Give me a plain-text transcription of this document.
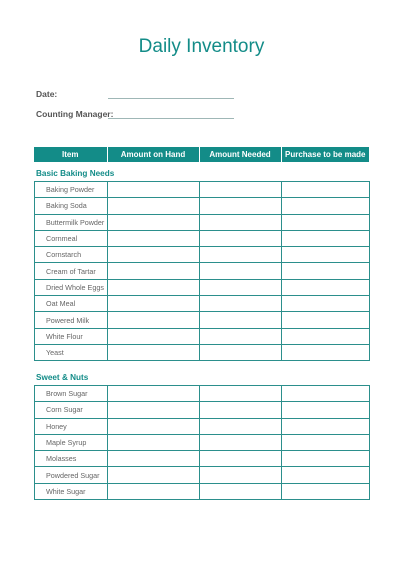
Daily Inventory
Date:
Counting Manager:
Item	Amount on Hand	Amount Needed	Purchase to be made
Basic Baking Needs
Baking Powder			
Baking Soda			
Buttermilk Powder			
Cornmeal			
Cornstarch			
Cream of Tartar			
Dried Whole Eggs			
Oat Meal			
Powered Milk			
White Flour			
Yeast			
Sweet & Nuts
Brown Sugar			
Corn Sugar			
Honey			
Maple Syrup			
Molasses			
Powdered Sugar			
White Sugar			
